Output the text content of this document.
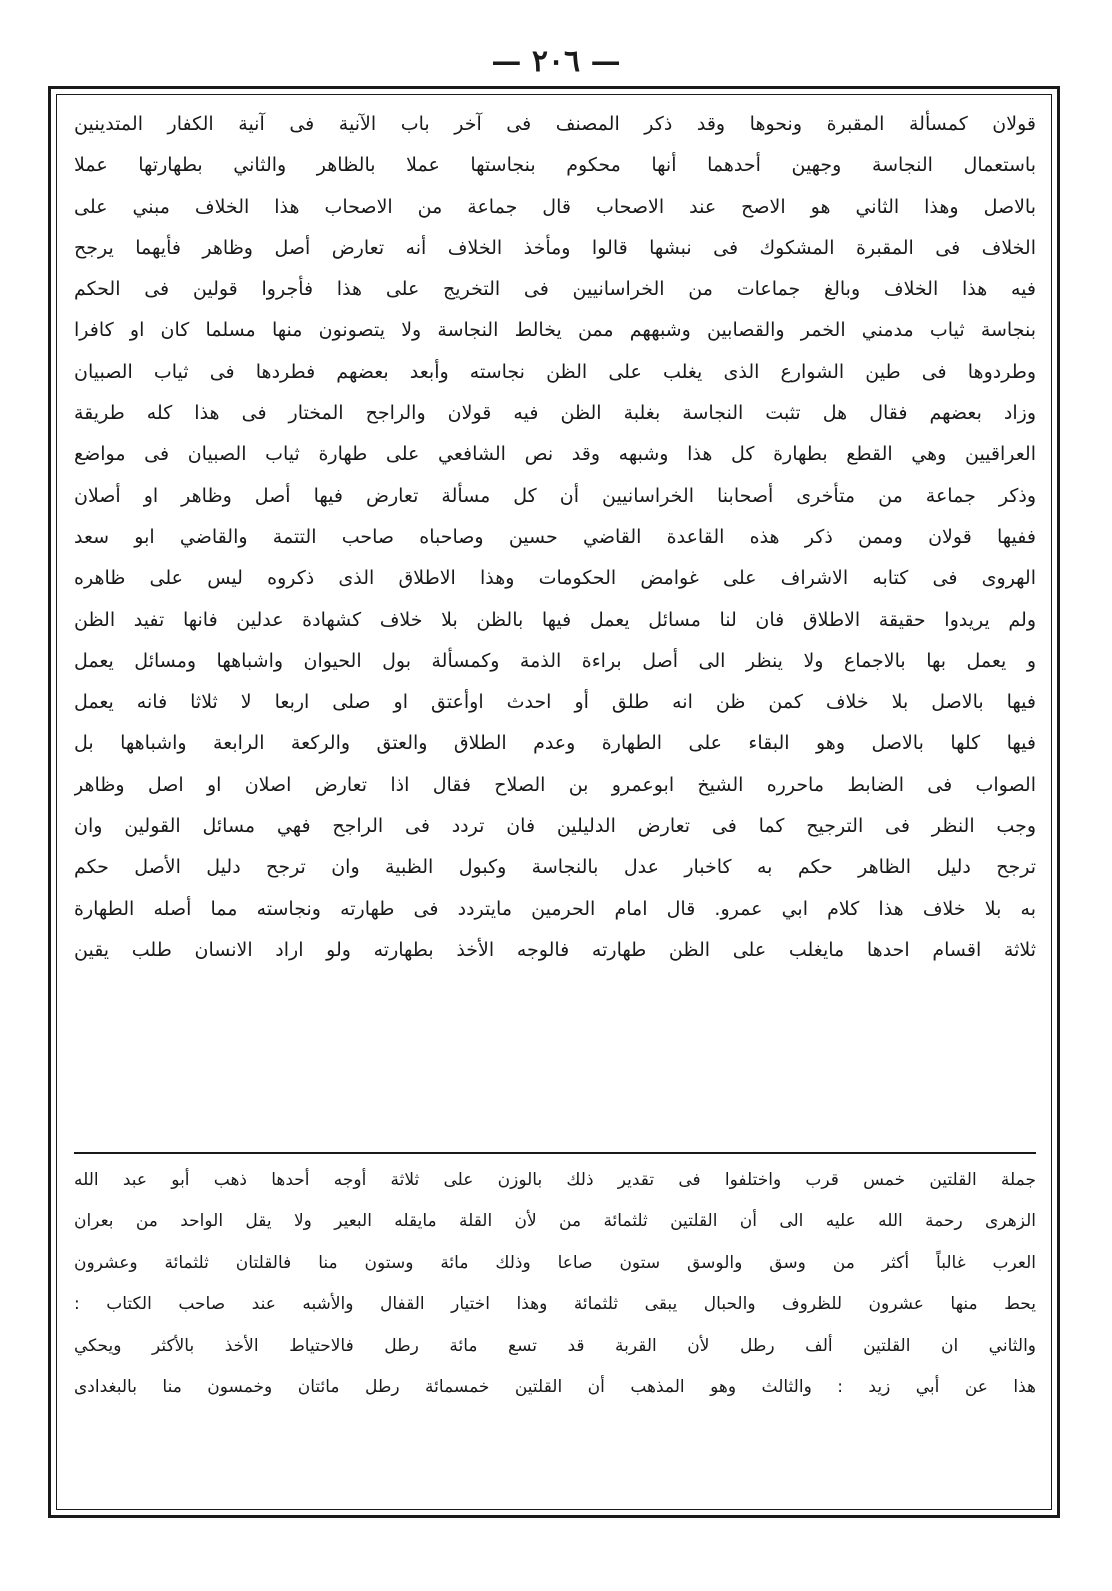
— ٢٠٦ —
قولان كمسألة المقبرة ونحوها وقد ذكر المصنف فى آخر باب الآنية فى آنية الكفار المتدينين
باستعمال النجاسة وجهين أحدهما أنها محكوم بنجاستها عملا بالظاهر والثاني بطهارتها عملا
بالاصل وهذا الثاني هو الاصح عند الاصحاب قال جماعة من الاصحاب هذا الخلاف مبني على
الخلاف فى المقبرة المشكوك فى نبشها قالوا ومأخذ الخلاف أنه تعارض أصل وظاهر فأيهما يرجح
فيه هذا الخلاف وبالغ جماعات من الخراسانيين فى التخريج على هذا فأجروا قولين فى الحكم
بنجاسة ثياب مدمني الخمر والقصابين وشبههم ممن يخالط النجاسة ولا يتصونون منها مسلما كان او كافرا
وطردوها فى طين الشوارع الذى يغلب على الظن نجاسته وأبعد بعضهم فطردها فى ثياب الصبيان
وزاد بعضهم فقال هل تثبت النجاسة بغلبة الظن فيه قولان والراجح المختار فى هذا كله طريقة
العراقيين وهي القطع بطهارة كل هذا وشبهه وقد نص الشافعي على طهارة ثياب الصبيان فى مواضع
وذكر جماعة من متأخرى أصحابنا الخراسانيين أن كل مسألة تعارض فيها أصل وظاهر او أصلان
ففيها قولان وممن ذكر هذه القاعدة القاضي حسين وصاحباه صاحب التتمة والقاضي ابو سعد
الهروى فى كتابه الاشراف على غوامض الحكومات وهذا الاطلاق الذى ذكروه ليس على ظاهره
ولم يريدوا حقيقة الاطلاق فان لنا مسائل يعمل فيها بالظن بلا خلاف كشهادة عدلين فانها تفيد الظن
و يعمل بها بالاجماع ولا ينظر الى أصل براءة الذمة وكمسألة بول الحيوان واشباهها ومسائل يعمل
فيها بالاصل بلا خلاف كمن ظن انه طلق أو احدث اوأعتق او صلى اربعا لا ثلاثا فانه يعمل
فيها كلها بالاصل وهو البقاء على الطهارة وعدم الطلاق والعتق والركعة الرابعة واشباهها بل
الصواب فى الضابط ماحرره الشيخ ابوعمرو بن الصلاح فقال اذا تعارض اصلان او اصل وظاهر
وجب النظر فى الترجيح كما فى تعارض الدليلين فان تردد فى الراجح فهي مسائل القولين وان
ترجح دليل الظاهر حكم به كاخبار عدل بالنجاسة وكبول الظبية وان ترجح دليل الأصل حكم
به بلا خلاف هذا كلام ابي عمرو. قال امام الحرمين مايتردد فى طهارته ونجاسته مما أصله الطهارة
ثلاثة اقسام احدها مايغلب على الظن طهارته فالوجه الأخذ بطهارته ولو اراد الانسان طلب يقين
جملة القلتين خمس قرب واختلفوا فى تقدير ذلك بالوزن على ثلاثة أوجه أحدها ذهب أبو عبد الله
الزهرى رحمة الله عليه الى أن القلتين ثلثمائة من لأن القلة مايقله البعير ولا يقل الواحد من بعران
العرب غالباً أكثر من وسق والوسق ستون صاعا وذلك مائة وستون منا فالقلتان ثلثمائة وعشرون
يحط منها عشرون للظروف والحبال يبقى ثلثمائة وهذا اختيار القفال والأشبه عند صاحب الكتاب :
والثاني ان القلتين ألف رطل لأن القربة قد تسع مائة رطل فالاحتياط الأخذ بالأكثر ويحكي
هذا عن أبي زيد : والثالث وهو المذهب أن القلتين خمسمائة رطل مائتان وخمسون منا بالبغدادى
